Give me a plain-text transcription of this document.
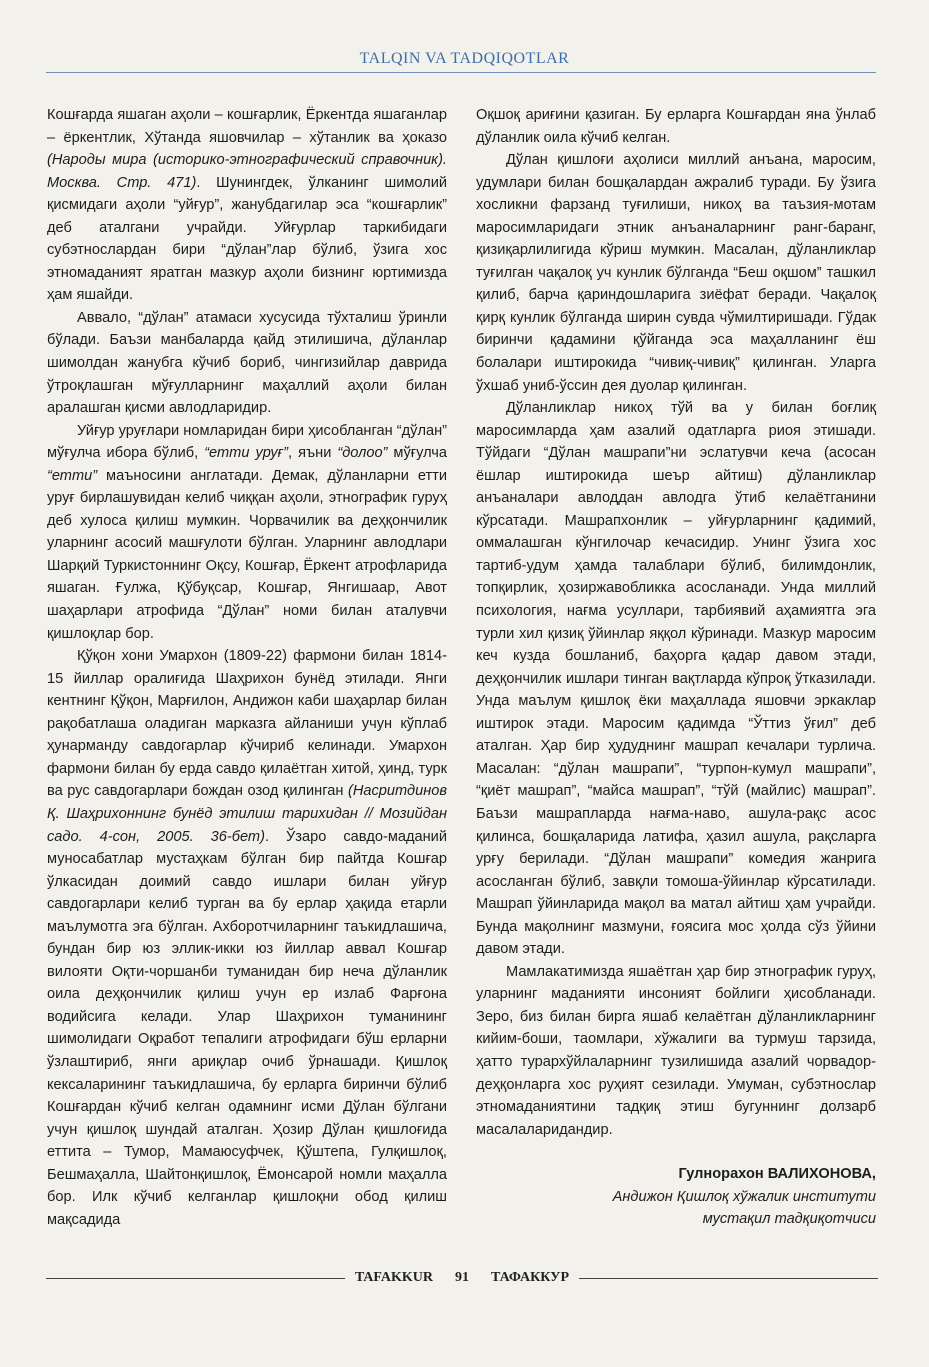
TALQIN VA TADQIQOTLAR

Кошғарда яшаган аҳоли – кошғарлик, Ёркентда яшаганлар – ёркентлик, Хўтанда яшовчилар – хўтанлик ва ҳоказо (Народы мира (историко-этнографический справочник). Москва. Стр. 471). Шунингдек, ўлканинг шимолий қисмидаги аҳоли “уйғур”, жанубдагилар эса “кошғарлик” деб аталгани учрайди. Уйғурлар таркибидаги субэтнослардан бири “дўлан”лар бўлиб, ўзига хос этномаданият яратган мазкур аҳоли бизнинг юртимизда ҳам яшайди.

Аввало, “дўлан” атамаси хусусида тўхталиш ўринли бўлади. Баъзи манбаларда қайд этилишича, дўланлар шимолдан жанубга кўчиб бориб, чингизийлар даврида ўтроқлашган мўғулларнинг маҳаллий аҳоли билан аралашган қисми авлодларидир.

Уйғур уруғлари номларидан бири ҳисобланган “дўлан” мўғулча ибора бўлиб, “етти уруғ”, яъни “долоо” мўғулча “етти” маъносини англатади. Демак, дўланларни етти уруғ бирлашувидан келиб чиққан аҳоли, этнографик гуруҳ деб хулоса қилиш мумкин. Чорвачилик ва деҳқончилик уларнинг асосий машғулоти бўлган. Уларнинг авлодлари Шарқий Туркистоннинг Оқсу, Кошғар, Ёркент атрофларида яшаган. Ғулжа, Қўбуқсар, Кошғар, Янгишаар, Авот шаҳарлари атрофида “Дўлан” номи билан аталувчи қишлоқлар бор.

Қўқон хони Умархон (1809-22) фармони билан 1814-15 йиллар оралиғида Шаҳрихон бунёд этилади. Янги кентнинг Қўқон, Марғилон, Андижон каби шаҳарлар билан рақобатлаша оладиган марказга айланиши учун кўплаб ҳунарманду савдогарлар кўчириб келинади. Умархон фармони билан бу ерда савдо қилаётган хитой, ҳинд, турк ва рус савдогарлари бождан озод қилинган (Насритдинов Қ. Шаҳрихоннинг бунёд этилиш тарихидан // Мозийдан садо. 4-сон, 2005. 36-бет). Ўзаро савдо-маданий муносабатлар мустаҳкам бўлган бир пайтда Кошғар ўлкасидан доимий савдо ишлари билан уйғур савдогарлари келиб турган ва бу ерлар ҳақида етарли маълумотга эга бўлган. Ахборотчиларнинг таъкидлашича, бундан бир юз эллик-икки юз йиллар аввал Кошғар вилояти Оқти-чоршанби туманидан бир неча дўланлик оила деҳқончилик қилиш учун ер излаб Фарғона водийсига келади. Улар Шаҳрихон туманининг шимолидаги Оқработ тепалиги атрофидаги бўш ерларни ўзлаштириб, янги ариқлар очиб ўрнашади. Қишлоқ кексаларининг таъкидлашича, бу ерларга биринчи бўлиб Кошғардан кўчиб келган одамнинг исми Дўлан бўлгани учун қишлоқ шундай аталган. Ҳозир Дўлан қишлоғида еттита – Тумор, Мамаюсуфчек, Қўштепа, Гулқишлоқ, Бешмаҳалла, Шайтонқишлоқ, Ёмонсарой номли маҳалла бор. Илк кўчиб келганлар қишлоқни обод қилиш мақсадида

Оқшоқ ариғини қазиган. Бу ерларга Кошғардан яна ўнлаб дўланлик оила кўчиб келган.

Дўлан қишлоғи аҳолиси миллий анъана, маросим, удумлари билан бошқалардан ажралиб туради. Бу ўзига хосликни фарзанд туғилиши, никоҳ ва таъзия-мотам маросимларидаги этник анъаналарнинг ранг-баранг, қизиқарлилигида кўриш мумкин. Масалан, дўланликлар туғилган чақалоқ уч кунлик бўлганда “Беш оқшом” ташкил қилиб, барча қариндошларига зиёфат беради. Чақалоқ қирқ кунлик бўлганда ширин сувда чўмилтиришади. Гўдак биринчи қадамини қўйганда эса маҳалланинг ёш болалари иштирокида “чивиқ-чивиқ” қилинган. Уларга ўхшаб униб-ўссин дея дуолар қилинган.

Дўланликлар никоҳ тўй ва у билан боғлиқ маросимларда ҳам азалий одатларга риоя этишади. Тўйдаги “Дўлан машрапи”ни эслатувчи кеча (асосан ёшлар иштирокида шеър айтиш) дўланликлар анъаналари авлоддан авлодга ўтиб келаётганини кўрсатади. Машрапхонлик – уйғурларнинг қадимий, оммалашган кўнгилочар кечасидир. Унинг ўзига хос тартиб-удум ҳамда талаблари бўлиб, билимдонлик, топқирлик, ҳозиржавобликка асосланади. Унда миллий психология, нағма усуллари, тарбиявий аҳамиятга эга турли хил қизиқ ўйинлар яққол кўринади. Мазкур маросим кеч кузда бошланиб, баҳорга қадар давом этади, деҳқончилик ишлари тинган вақтларда кўпроқ ўтказилади. Унда маълум қишлоқ ёки маҳаллада яшовчи эркаклар иштирок этади. Маросим қадимда “Ўттиз ўғил” деб аталган. Ҳар бир ҳудуднинг машрап кечалари турлича. Масалан: “дўлан машрапи”, “турпон-кумул машрапи”, “қиёт машрап”, “майса машрап”, “тўй (майлис) машрап”. Баъзи машрапларда нағма-наво, ашула-рақс асос қилинса, бошқаларида латифа, ҳазил ашула, рақсларга урғу берилади. “Дўлан машрапи” комедия жанрига асосланган бўлиб, завқли томоша-ўйинлар кўрсатилади. Машрап ўйинларида мақол ва матал айтиш ҳам учрайди. Бунда мақолнинг мазмуни, ғоясига мос ҳолда сўз ўйини давом этади.

Мамлакатимизда яшаётган ҳар бир этнографик гуруҳ, уларнинг маданияти инсоният бойлиги ҳисобланади. Зеро, биз билан бирга яшаб келаётган дўланликларнинг кийим-боши, таомлари, хўжалиги ва турмуш тарзида, ҳатто турархўйлаларнинг тузилишида азалий чорвадор-деҳқонларга хос руҳият сезилади. Умуман, субэтнослар этномаданиятини тадқиқ этиш бугуннинг долзарб масалаларидандир.

Гулнорахон ВАЛИХОНОВА,
Андижон Қишлоқ хўжалик институти
мустақил тадқиқотчиси
TAFAKKUR 91 ТАФАККУР
